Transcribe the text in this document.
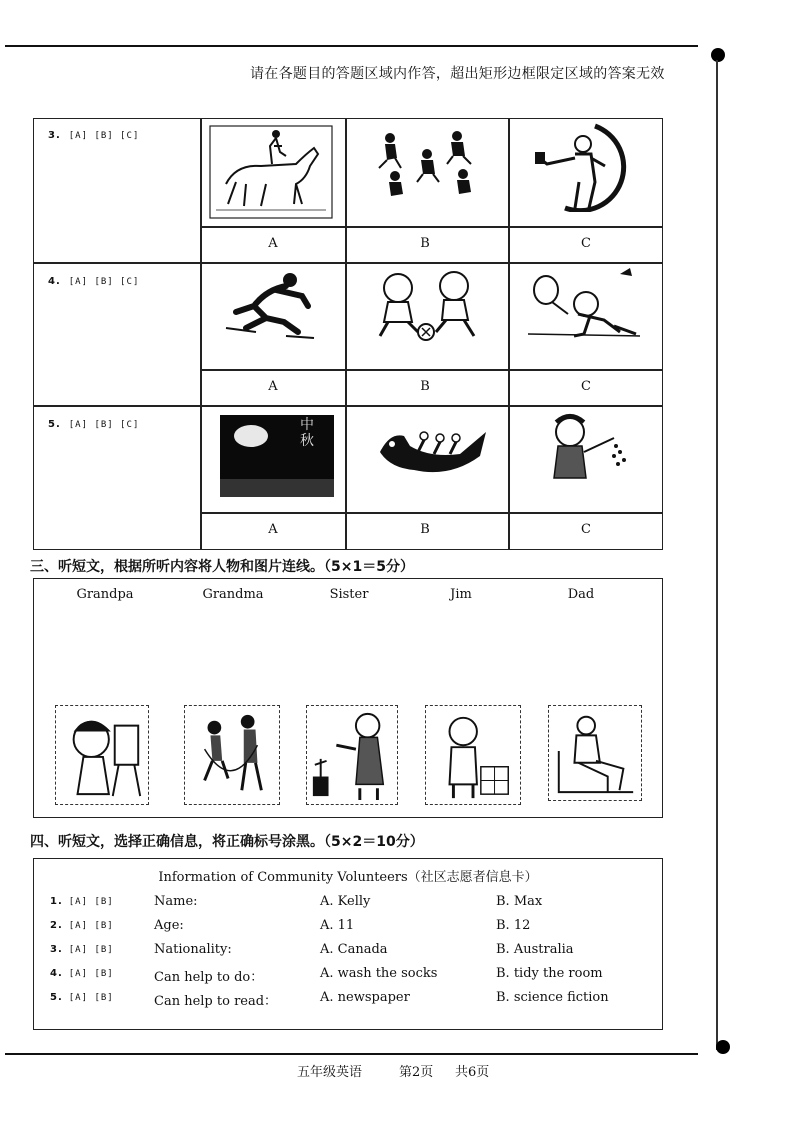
请在各题目的答题区域内作答，超出矩形边框限定区域的答案无效
3. [A] [B] [C]
A	B	C
4. [A] [B] [C]
A	B	C
5. [A] [B] [C]	中秋
A	B	C
三、听短文，根据所听内容将人物和图片连线。（5×1＝5分）
Grandpa	Grandma	Sister	Jim	Dad
四、听短文，选择正确信息，将正确标号涂黑。（5×2＝10分）
Information of Community Volunteers（社区志愿者信息卡）
1. [A] [B]	Name:	A. Kelly	B. Max
2. [A] [B]	Age:	A. 11	B. 12
3. [A] [B]	Nationality:	A. Canada	B. Australia
4. [A] [B]	Can help to do：	A. wash the socks	B. tidy the room
5. [A] [B]	Can help to read：	A. newspaper	B. science fiction
五年级英语	第2页 共6页
